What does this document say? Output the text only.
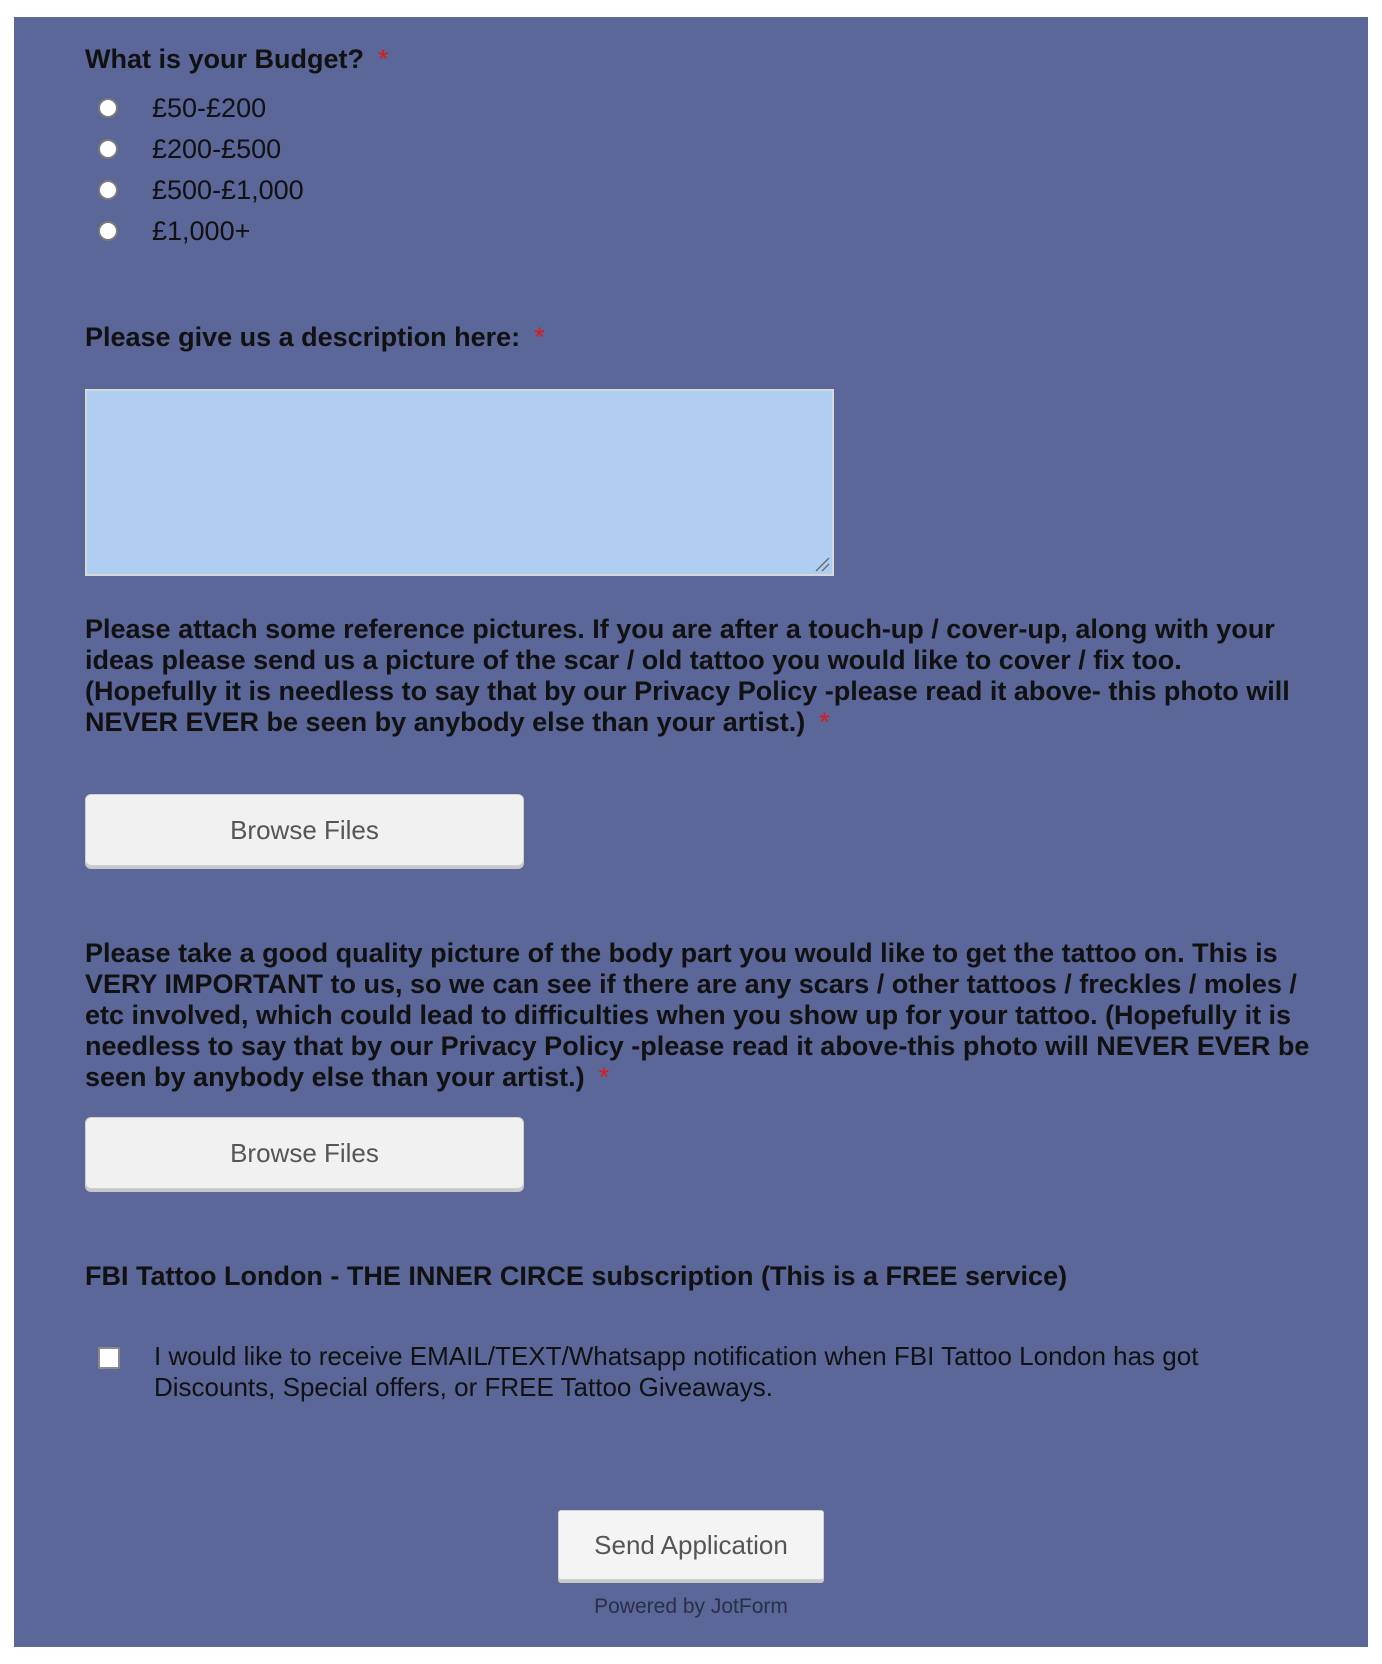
What is your Budget? *
£50-£200
£200-£500
£500-£1,000
£1,000+
Please give us a description here: *
Please attach some reference pictures. If you are after a touch-up / cover-up, along with your ideas please send us a picture of the scar / old tattoo you would like to cover / fix too. (Hopefully it is needless to say that by our Privacy Policy -please read it above- this photo will NEVER EVER be seen by anybody else than your artist.) *
Browse Files
Please take a good quality picture of the body part you would like to get the tattoo on. This is VERY IMPORTANT to us, so we can see if there are any scars / other tattoos / freckles / moles / etc involved, which could lead to difficulties when you show up for your tattoo. (Hopefully it is needless to say that by our Privacy Policy -please read it above-this photo will NEVER EVER be seen by anybody else than your artist.) *
Browse Files
FBI Tattoo London - THE INNER CIRCE subscription (This is a FREE service)
I would like to receive EMAIL/TEXT/Whatsapp notification when FBI Tattoo London has got Discounts, Special offers, or FREE Tattoo Giveaways.
Send Application
Powered by JotForm
